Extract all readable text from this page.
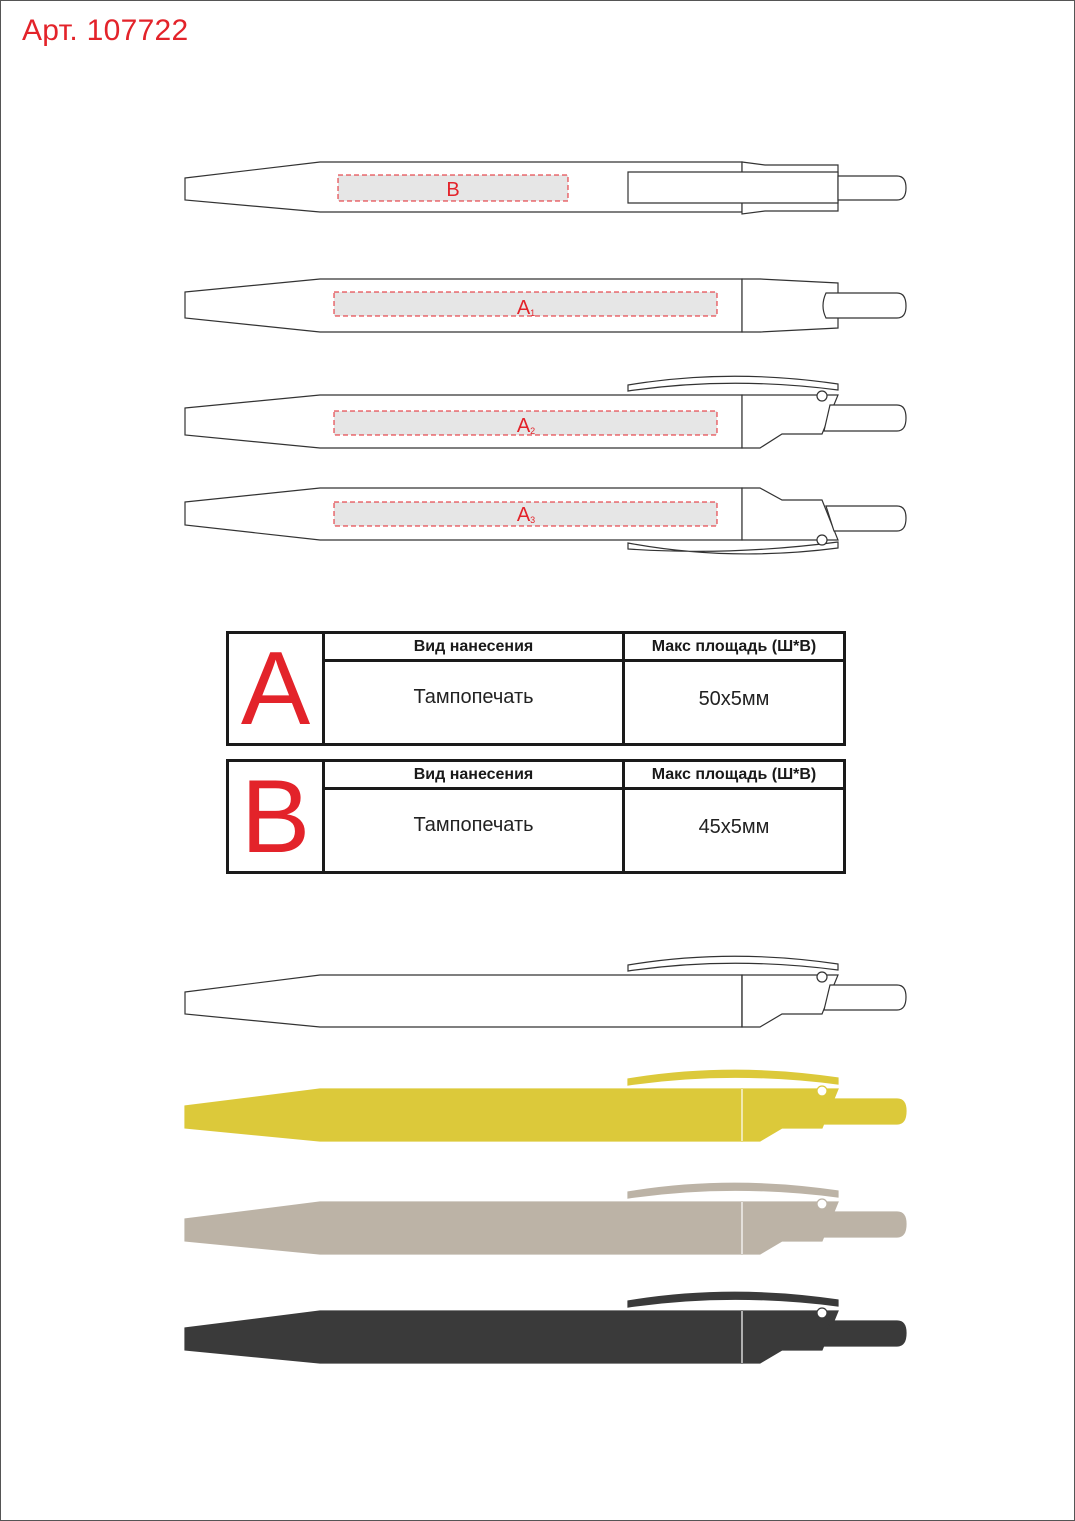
Арт. 107722
B
A1
A2
A3
A	Вид нанесения	Макс площадь (Ш*В)
Тампопечать	50х5мм
B	Вид нанесения	Макс площадь (Ш*В)
Тампопечать	45х5мм
